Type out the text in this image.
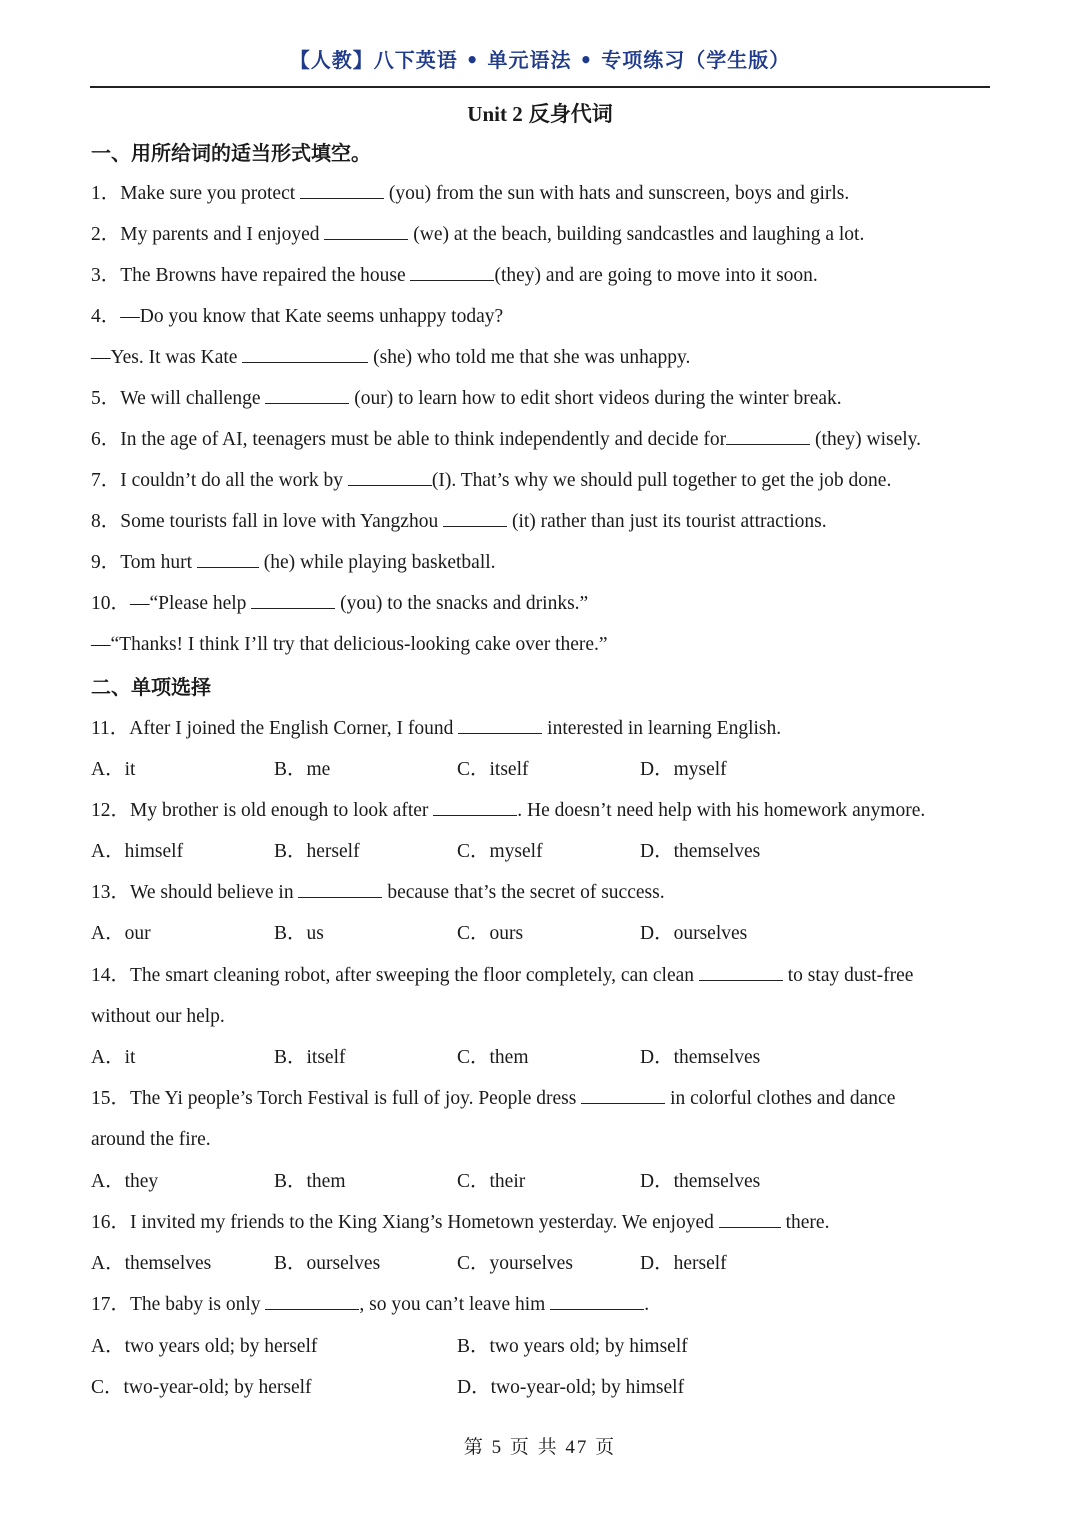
【人教】八下英语 • 单元语法 • 专项练习（学生版）
Unit 2 反身代词
一、用所给词的适当形式填空。
1．Make sure you protect	(you) from the sun with hats and sunscreen, boys and girls.
2．My parents and I enjoyed	(we) at the beach, building sandcastles and laughing a lot.
3．The Browns have repaired the house	(they) and are going to move into it soon.
4．—Do you know that Kate seems unhappy today?
—Yes. It was Kate	(she) who told me that she was unhappy.
5．We will challenge	(our) to learn how to edit short videos during the winter break.
6．In the age of AI, teenagers must be able to think independently and decide for	(they) wisely.
7．I couldn’t do all the work by	(I). That’s why we should pull together to get the job done.
8．Some tourists fall in love with Yangzhou	(it) rather than just its tourist attractions.
9．Tom hurt	(he) while playing basketball.
10．—“Please help	(you) to the snacks and drinks.”
—“Thanks! I think I’ll try that delicious-looking cake over there.”
二、单项选择
11．After I joined the English Corner, I found	interested in learning English.
A．it	B．me	C．itself	D．myself
12．My brother is old enough to look after	. He doesn’t need help with his homework anymore.
A．himself	B．herself	C．myself	D．themselves
13．We should believe in	because that’s the secret of success.
A．our	B．us	C．ours	D．ourselves
14．The smart cleaning robot, after sweeping the floor completely, can clean	to stay dust-free
without our help.
A．it	B．itself	C．them	D．themselves
15．The Yi people’s Torch Festival is full of joy. People dress	in colorful clothes and dance
around the fire.
A．they	B．them	C．their	D．themselves
16．I invited my friends to the King Xiang’s Hometown yesterday. We enjoyed	there.
A．themselves	B．ourselves	C．yourselves	D．herself
17．The baby is only	, so you can’t leave him	.
A．two years old; by herself	B．two years old; by himself
C．two-year-old; by herself	D．two-year-old; by himself
第 5 页 共 47 页
